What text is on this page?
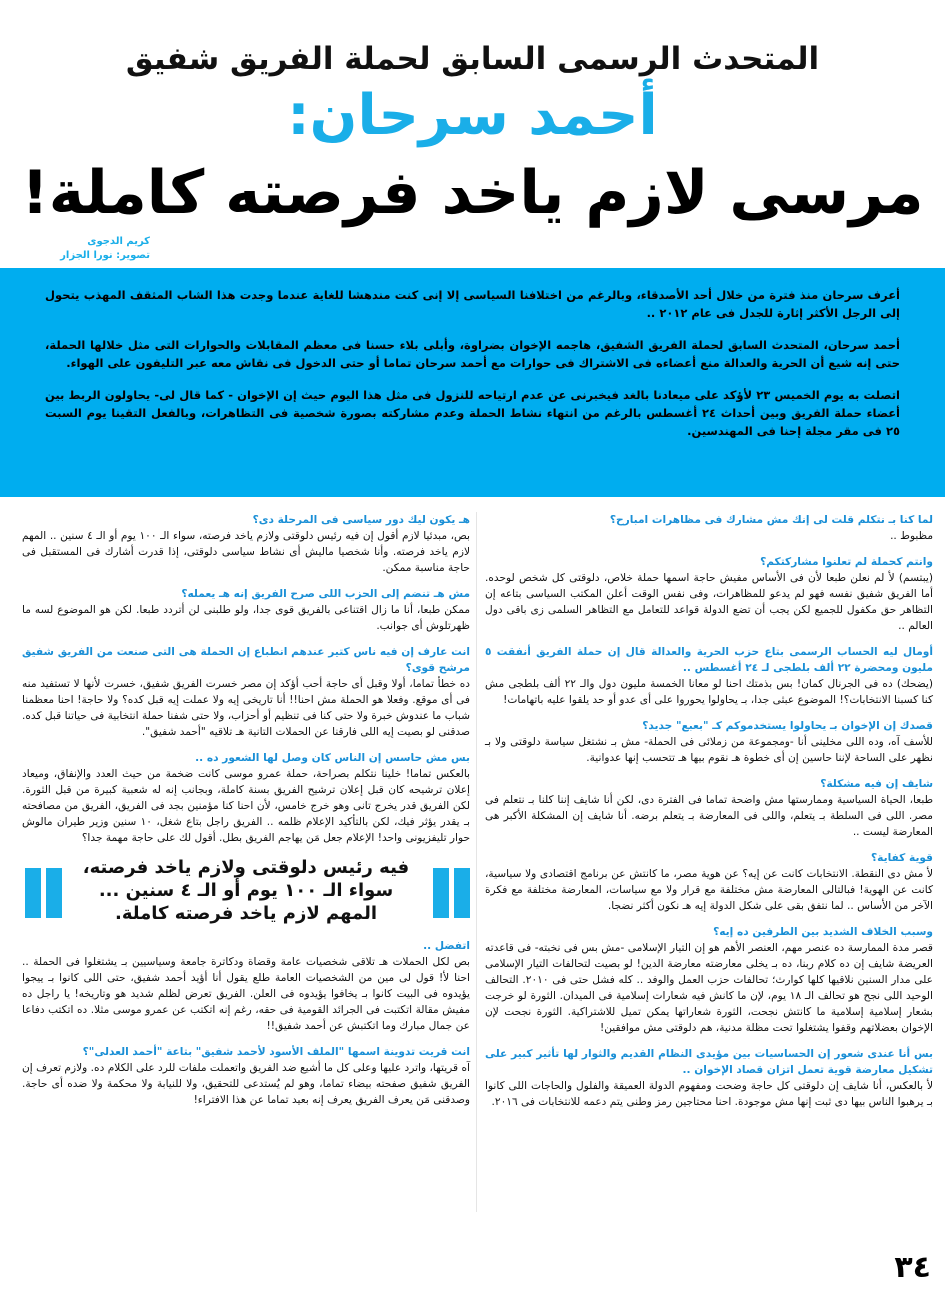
المتحدث الرسمى السابق لحملة الفريق شفيق
أحمد سرحان:
مرسى لازم ياخد فرصته كاملة!
كريم الدجوى
تصوير: نورا الجزار

أعرف سرحان منذ فترة من خلال أحد الأصدقاء، وبالرغم من اختلافنا السياسى إلا إنى كنت مندهشا للغاية عندما وجدت هذا الشاب المثقف المهذب يتحول إلى الرجل الأكثر إثارة للجدل فى عام ٢٠١٢ ..

أحمد سرحان، المتحدث السابق لحملة الفريق الشفيق، هاجمه الإخوان بضراوة، وأبلى بلاء حسنا فى معظم المقابلات والحوارات التى مثل خلالها الحملة، حتى إنه شيع أن الحرية والعدالة منع أعضاءه فى الاشتراك فى حوارات مع أحمد سرحان تماما أو حتى الدخول فى نقاش معه عبر التليفون على الهواء.

اتصلت به يوم الخميس ٢٣ لأؤكد على ميعادنا بالغد فيخبرنى عن عدم ارتياحه للنزول فى مثل هذا اليوم حيث إن الإخوان - كما قال لى- يحاولون الربط بين أعضاء حملة الفريق وبين أحداث ٢٤ أغسطس بالرغم من انتهاء نشاط الحملة وعدم مشاركته بصورة شخصية فى التظاهرات، وبالفعل التقينا يوم السبت ٢٥ فى مقر مجلة إحنا فى المهندسين.

لما كنا بـ نتكلم قلت لى إنك مش مشارك فى مظاهرات امبارح؟
مظبوط ..
وانتم كحملة لم تعلنوا مشاركتكم؟
(يبتسم) لأ لم نعلن طبعا لأن فى الأساس مفيش حاجة اسمها حملة خلاص، دلوقتى كل شخص لوحده. أما الفريق شفيق نفسه فهو لم يدعو للمظاهرات، وفى نفس الوقت أعلن المكتب السياسى بتاعه إن التظاهر حق مكفول للجميع لكن يجب أن تضع الدولة قواعد للتعامل مع التظاهر السلمى زى باقى دول العالم ..
أومال ليه الحساب الرسمى بتاع حزب الحرية والعدالة قال إن حملة الفريق أنفقت ٥ مليون ومحضرة ٢٢ ألف بلطجى لـ ٢٤ أغسطس ..
(يضحك) ده فى الجرنال كمان! بس بذمتك احنا لو معانا الخمسة مليون دول والـ ٢٢ ألف بلطجى مش كنا كسبنا الانتخابات؟! الموضوع عبثى جدا، بـ يحاولوا يحوروا على أى عدو أو حد يلقوا عليه باتهامات!
قصدك إن الإخوان بـ يحاولوا يستخدموكم كـ "بعبع" جديد؟
للأسف آه، وده اللى مخلينى أنا -ومجموعة من زملائى فى الحملة- مش بـ نشتغل سياسة دلوقتى ولا بـ نظهر على الساحة لإننا حاسين إن أى خطوة هـ نقوم بيها هـ تتحسب إنها عدوانية.
شايف إن فيه مشكلة؟
طبعا، الحياة السياسية وممارستها مش واضحة تماما فى الفترة دى، لكن أنا شايف إننا كلنا بـ نتعلم فى مصر. اللى فى السلطة بـ يتعلم، واللى فى المعارضة بـ يتعلم برضه. أنا شايف إن المشكلة الأكبر هى المعارضة ليست ..
قوية كفاية؟
لأ مش دى النقطة. الانتخابات كانت عن إيه؟ عن هوية مصر، ما كانتش عن برنامج اقتصادى ولا سياسية، كانت عن الهوية! فبالتالى المعارضة مش مختلفة مع قرار ولا مع سياسات، المعارضة مختلفة مع فكرة الآخر من الأساس .. لما نتفق بقى على شكل الدولة إيه هـ نكون أكثر نضجا.
وسبب الخلاف الشديد بين الطرفين ده إيه؟
قصر مدة الممارسة ده عنصر مهم، العنصر الأهم هو إن التيار الإسلامى -مش بس فى نخبته- فى قاعدته العريضة شايف إن ده كلام ربنا، ده بـ يخلى معارضته معارضة الدين! لو بصيت لتحالفات التيار الإسلامى على مدار السنين نلاقيها كلها كوارث؛ تحالفات حزب العمل والوفد .. كله فشل حتى فى ٢٠١٠. التحالف الوحيد اللى نجح هو تحالف الـ ١٨ يوم، لإن ما كانش فيه شعارات إسلامية فى الميدان. الثورة لو خرجت بشعار إسلامية إسلامية ما كانتش نجحت، الثورة شعاراتها يمكن تميل للاشتراكية. الثورة نجحت لإن الإخوان بعضلاتهم وقفوا يشتغلوا تحت مظلة مدنية، هم دلوقتى مش موافقين!
بس أنا عندى شعور إن الحساسيات بين مؤيدى النظام القديم والثوار لها تأثير كبير على تشكيل معارضة قوية تعمل اتزان قصاد الإخوان ..
لأ بالعكس، أنا شايف إن دلوقتى كل حاجة وضحت ومفهوم الدولة العميقة والفلول والحاجات اللى كانوا بـ يرهبوا الناس بيها دى ثبت إنها مش موجودة. احنا محتاجين رمز وطنى يتم دعمه للانتخابات فى ٢٠١٦.
هـ يكون ليك دور سياسى فى المرحلة دى؟
بص، مبدئيا لازم أقول إن فيه رئيس دلوقتى ولازم ياخد فرصته، سواء الـ ١٠٠ يوم أو الـ ٤ سنين .. المهم لازم ياخد فرصته. وأنا شخصيا ماليش أى نشاط سياسى دلوقتى، إذا قدرت أشارك فى المستقبل فى حاجة مناسبة ممكن.
مش هـ تنضم إلى الحزب اللى صرح الفريق إنه هـ يعمله؟
ممكن طبعا، أنا ما زال اقتناعى بالفريق قوى جدا، ولو طلبنى لن أتردد طبعا. لكن هو الموضوع لسه ما ظهرتلوش أى جوانب.
انت عارف إن فيه ناس كتير عندهم انطباع إن الحملة هى التى صنعت من الفريق شفيق مرشح قوى؟
ده خطأ تماما، أولا وقبل أى حاجة أحب أؤكد إن مصر خسرت الفريق شفيق، خسرت لأنها لا تستفيد منه فى أى موقع. وفعلا هو الحملة مش احنا!! أنا تاريخى إيه ولا عملت إيه قبل كده؟ ولا حاجة! احنا معظمنا شباب ما عندوش خبرة ولا حتى كنا فى تنظيم أو أحزاب، ولا حتى شفنا حملة انتخابية فى حياتنا قبل كده. صدقنى لو بصيت إيه اللى فارقنا عن الحملات التانية هـ تلاقيه "أحمد شفيق".
بس مش حاسس إن الناس كان وصل لها الشعور ده ..
بالعكس تماما! خلينا نتكلم بصراحة، حملة عمرو موسى كانت ضخمة من حيث العدد والإنفاق، وميعاد إعلان ترشيحه كان قبل إعلان ترشيح الفريق بسنة كاملة، وبجانب إنه له شعبية كبيرة من قبل الثورة. لكن الفريق قدر يخرج تانى وهو خرج خامس، لأن احنا كنا مؤمنين بجد فى الفريق، الفريق من مصافحته بـ يقدر يؤثر فيك، لكن بالتأكيد الإعلام ظلمه .. الفريق راجل بتاع شغل، ١٠ سنين وزير طيران مالوش حوار تليفزيونى واحد! الإعلام جعل مَن يهاجم الفريق بطل. أقول لك على حاجة مهمة جدا؟
فيه رئيس دلوقتى ولازم ياخد فرصته، سواء الـ ١٠٠ يوم أو الـ ٤ سنين ... المهم لازم ياخد فرصته كاملة.
اتفضل ..
بص لكل الحملات هـ تلاقى شخصيات عامة وقضاة ودكاترة جامعة وسياسيين بـ يشتغلوا فى الحملة .. احنا لأ! قول لى مين من الشخصيات العامة طلع يقول أنا أؤيد أحمد شفيق، حتى اللى كانوا بـ ييجوا يؤيدوه فى البيت كانوا بـ يخافوا يؤيدوه فى العلن. الفريق تعرض لظلم شديد هو وتاريخه! يا راجل ده مفيش مقالة اتكتبت فى الجرائد القومية فى حقه، رغم إنه اتكتب عن عمرو موسى مثلا. ده اتكتب دفاعا عن جمال مبارك وما اتكتبش عن أحمد شفيق!!
انت قريت تدوينة اسمها "الملف الأسود لأحمد شفيق" بتاعة "أحمد العدلى"؟
آه قريتها، واترد عليها وعلى كل ما أشيع ضد الفريق واتعملت ملفات للرد على الكلام ده. ولازم تعرف إن الفريق شفيق صفحته بيضاء تماما، وهو لم يُستدعى للتحقيق، ولا للنيابة ولا محكمة ولا ضده أى حاجة. وصدقنى مَن يعرف الفريق يعرف إنه بعيد تماما عن هذا الافتراء!
٣٤
